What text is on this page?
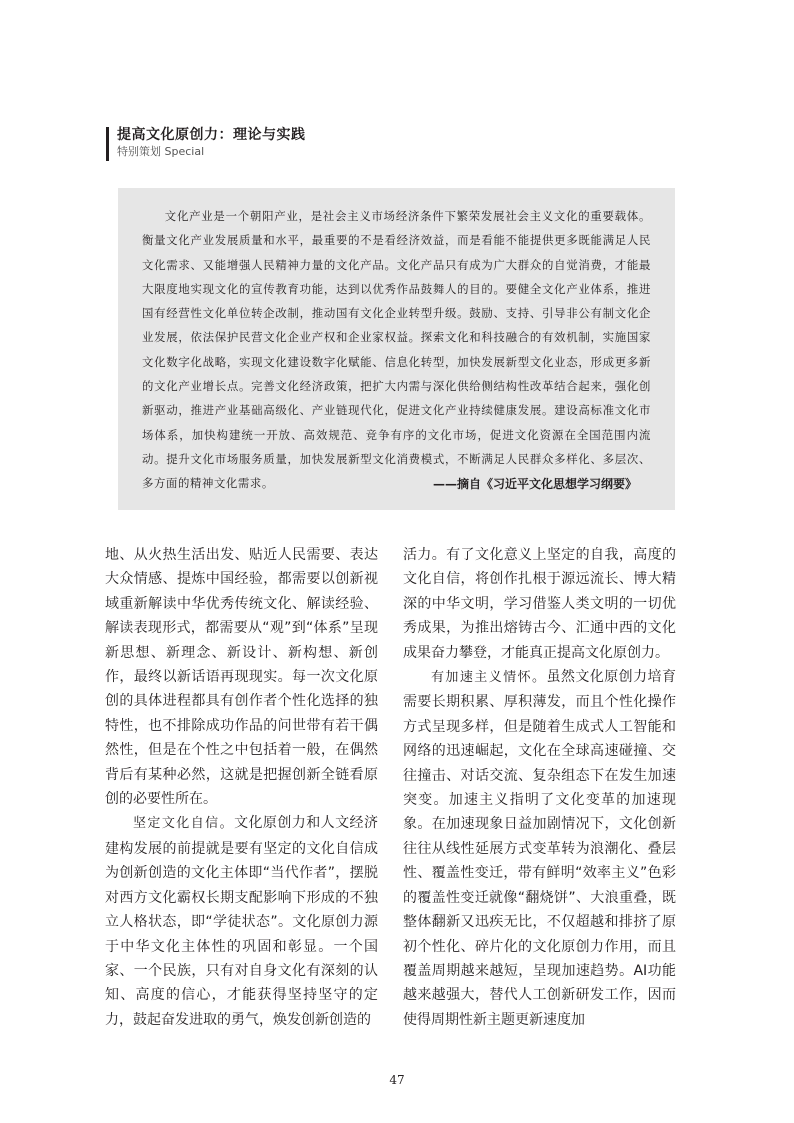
提高文化原创力：理论与实践
特别策划 Special

文化产业是一个朝阳产业，是社会主义市场经济条件下繁荣发展社会主义文化的重要载体。衡量文化产业发展质量和水平，最重要的不是看经济效益，而是看能不能提供更多既能满足人民文化需求、又能增强人民精神力量的文化产品。文化产品只有成为广大群众的自觉消费，才能最大限度地实现文化的宣传教育功能，达到以优秀作品鼓舞人的目的。要健全文化产业体系，推进国有经营性文化单位转企改制，推动国有文化企业转型升级。鼓励、支持、引导非公有制文化企业发展，依法保护民营文化企业产权和企业家权益。探索文化和科技融合的有效机制，实施国家文化数字化战略，实现文化建设数字化赋能、信息化转型，加快发展新型文化业态，形成更多新的文化产业增长点。完善文化经济政策，把扩大内需与深化供给侧结构性改革结合起来，强化创新驱动，推进产业基础高级化、产业链现代化，促进文化产业持续健康发展。建设高标准文化市场体系，加快构建统一开放、高效规范、竞争有序的文化市场，促进文化资源在全国范围内流动。提升文化市场服务质量，加快发展新型文化消费模式，不断满足人民群众多样化、多层次、多方面的精神文化需求。	——摘自《习近平文化思想学习纲要》

地、从火热生活出发、贴近人民需要、表达大众情感、提炼中国经验，都需要以创新视域重新解读中华优秀传统文化、解读经验、解读表现形式，都需要从“观”到“体系”呈现新思想、新理念、新设计、新构想、新创作，最终以新话语再现现实。每一次文化原创的具体进程都具有创作者个性化选择的独特性，也不排除成功作品的问世带有若干偶然性，但是在个性之中包括着一般，在偶然背后有某种必然，这就是把握创新全链看原创的必要性所在。

坚定文化自信。文化原创力和人文经济建构发展的前提就是要有坚定的文化自信成为创新创造的文化主体即“当代作者”，摆脱对西方文化霸权长期支配影响下形成的不独立人格状态，即“学徒状态”。文化原创力源于中华文化主体性的巩固和彰显。一个国家、一个民族，只有对自身文化有深刻的认知、高度的信心，才能获得坚持坚守的定力，鼓起奋发进取的勇气，焕发创新创造的

活力。有了文化意义上坚定的自我，高度的文化自信，将创作扎根于源远流长、博大精深的中华文明，学习借鉴人类文明的一切优秀成果，为推出熔铸古今、汇通中西的文化成果奋力攀登，才能真正提高文化原创力。

有加速主义情怀。虽然文化原创力培育需要长期积累、厚积薄发，而且个性化操作方式呈现多样，但是随着生成式人工智能和网络的迅速崛起，文化在全球高速碰撞、交往撞击、对话交流、复杂组态下在发生加速突变。加速主义指明了文化变革的加速现象。在加速现象日益加剧情况下，文化创新往往从线性延展方式变革转为浪潮化、叠层性、覆盖性变迁，带有鲜明“效率主义”色彩的覆盖性变迁就像“翻烧饼”、大浪重叠，既整体翻新又迅疾无比，不仅超越和排挤了原初个性化、碎片化的文化原创力作用，而且覆盖周期越来越短，呈现加速趋势。AI功能越来越强大，替代人工创新研发工作，因而使得周期性新主题更新速度加

47
